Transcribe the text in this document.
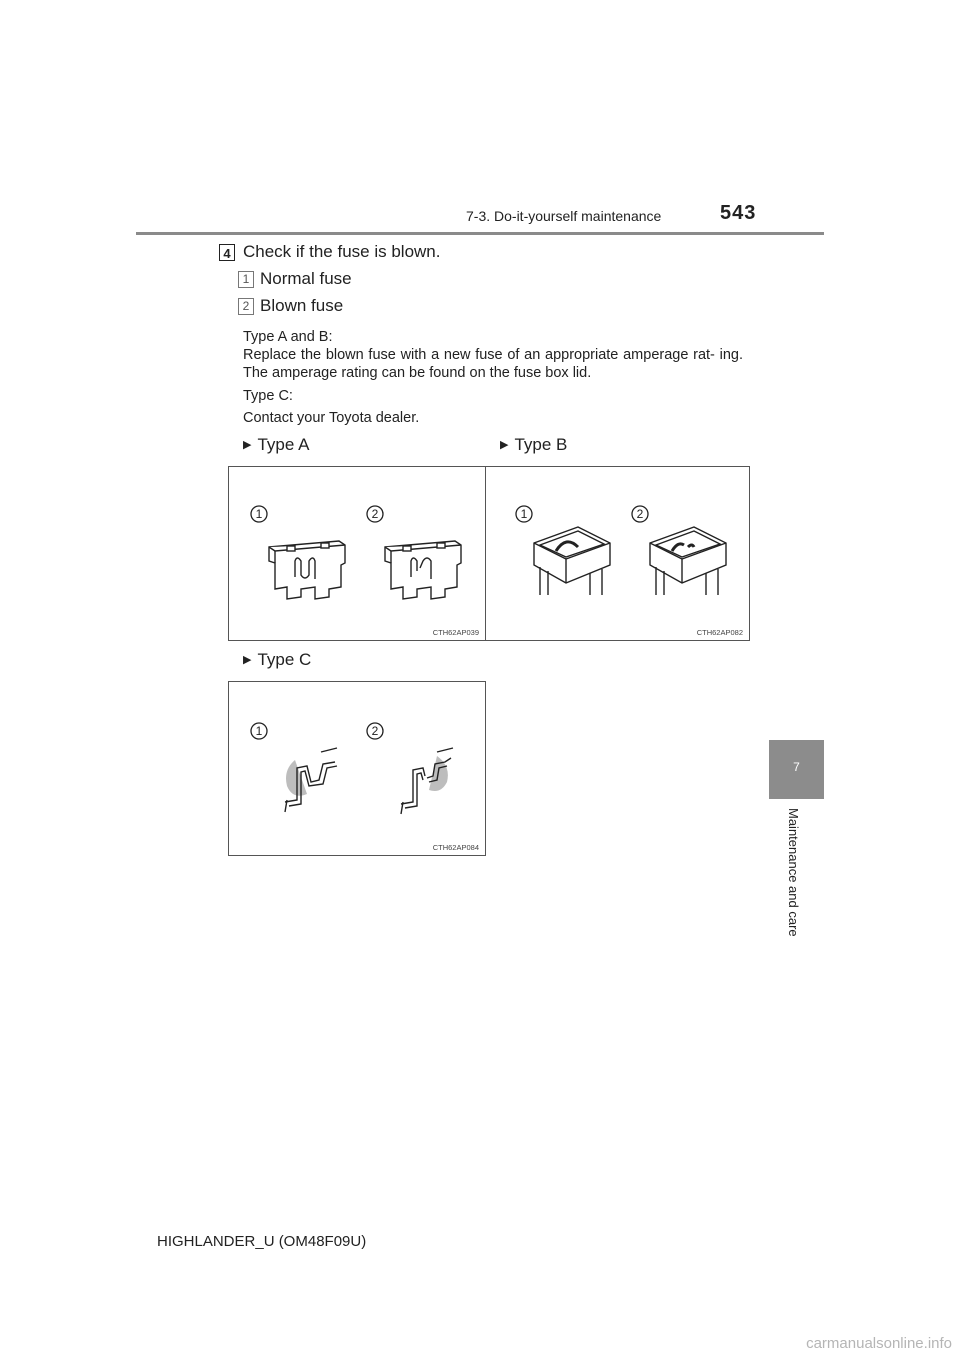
7-3. Do-it-yourself maintenance	543
4 Check if the fuse is blown.
1 Normal fuse
2 Blown fuse
Type A and B:
Replace the blown fuse with a new fuse of an appropriate amperage rat- ing. The amperage rating can be found on the fuse box lid.
Type C:
Contact your Toyota dealer.
▶ Type A	▶ Type B
▶ Type C
1	2
CTH62AP039
1	2
CTH62AP082
1	2
CTH62AP084
7
Maintenance and care
HIGHLANDER_U (OM48F09U)
carmanualsonline.info
